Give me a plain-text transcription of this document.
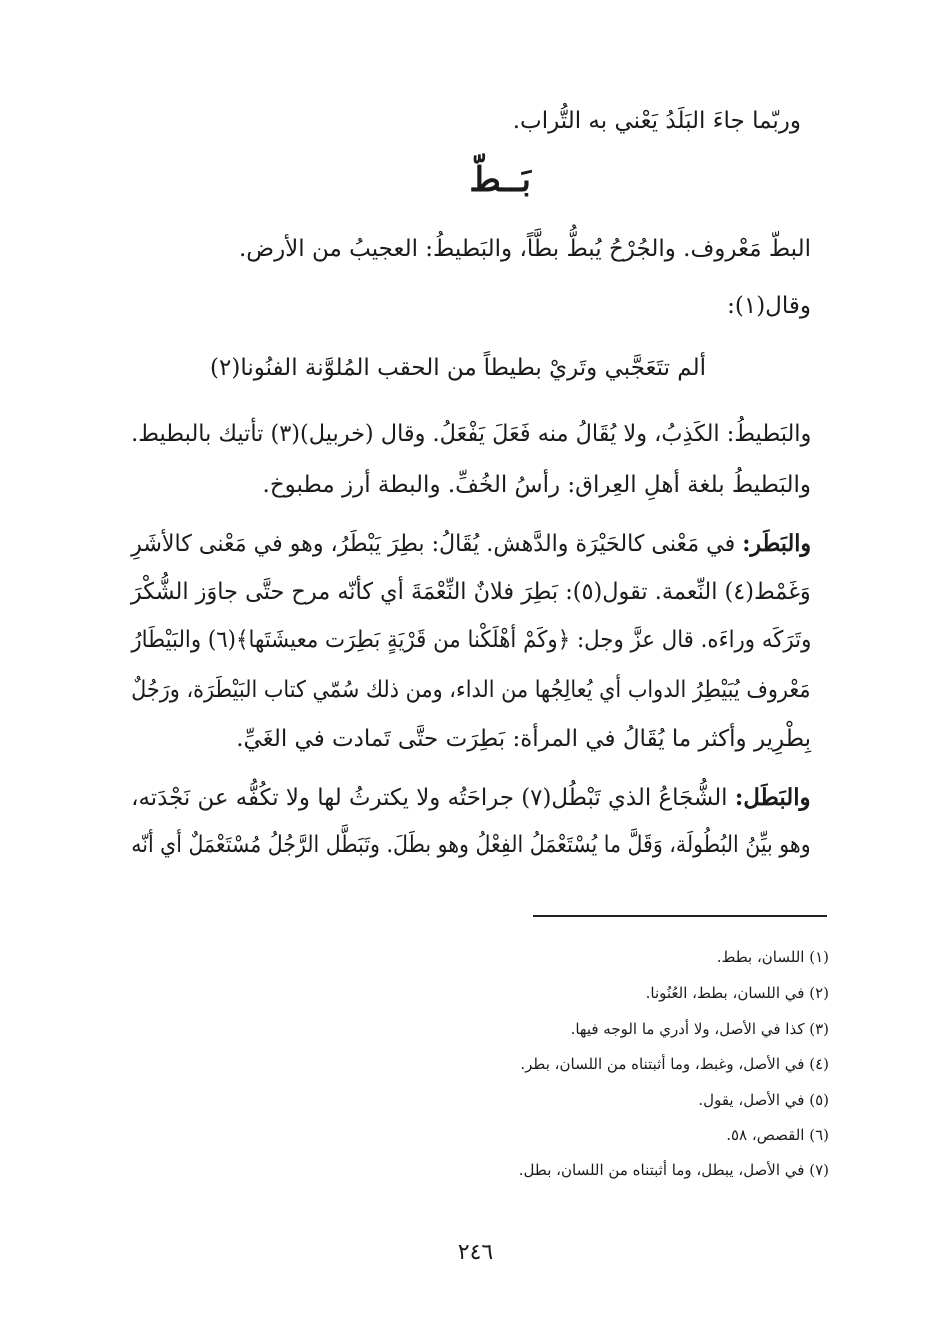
وربّما جاءَ البَلَدُ يَعْني به التُّراب.
بَــطّ
البطّ مَعْروف. والجُرْحُ يُبطُّ بطَّاً، والبَطيطُ: العجيبُ من الأرض.
وقال(١):
ألم تتَعَجَّبي وتَريْ بطيطاً
من الحقب المُلوَّنة الفنُونا(٢)
والبَطيطُ: الكَذِبُ، ولا يُقَالُ منه فَعَلَ يَفْعَلُ. وقال (خربيل)(٣) تأتيك بالبطيط.
والبَطيطُ بلغة أهلِ العِراق: رأسُ الخُفِّ. والبطة أرز مطبوخ.
والبَطَر: في مَعْنى كالحَيْرَة والدَّهش. يُقَالُ: بطِرَ يَبْطَرُ، وهو في مَعْنى كالأشَرِ
وَغَمْط(٤) النِّعمة. تقول(٥): بَطِرَ فلانٌ النِّعْمَةَ أي كأنّه مرح حتَّى جاوَز الشُّكْرَ
وتَرَكَه وراءَه. قال عزَّ وجل: ﴿وكَمْ أهْلَكْنا من قَرْيَةٍ بَطِرَت معيشَتَها﴾(٦) والبَيْطَارُ
مَعْروف يُبَيْطِرُ الدواب أي يُعالِجُها من الداء، ومن ذلك سُمّي كتاب البَيْطَرَة، ورَجُلٌ
بِطْرِير وأكثر ما يُقَالُ في المرأة: بَطِرَت حتَّى تَمادت في الغَيِّ.
والبَطَل: الشُّجَاعُ الذي تَبْطُل(٧) جراحَتُه ولا يكترثُ لها ولا تكُفُّه عن نَجْدَته،
وهو بيِّنُ البُطُولَة، وَقَلَّ ما يُسْتَعْمَلُ الفِعْلُ وهو بطَلَ. وتَبَطَّل الرَّجُلُ مُسْتَعْمَلٌ أي أنّه
(١) اللسان، بطط.
(٢) في اللسان، بطط، العُنُونا.
(٣) كذا في الأصل، ولا أدري ما الوجه فيها.
(٤) في الأصل، وغبط، وما أثبتناه من اللسان، بطر.
(٥) في الأصل، يقول.
(٦) القصص، ٥٨.
(٧) في الأصل، يبطل، وما أثبتناه من اللسان، بطل.
٢٤٦
